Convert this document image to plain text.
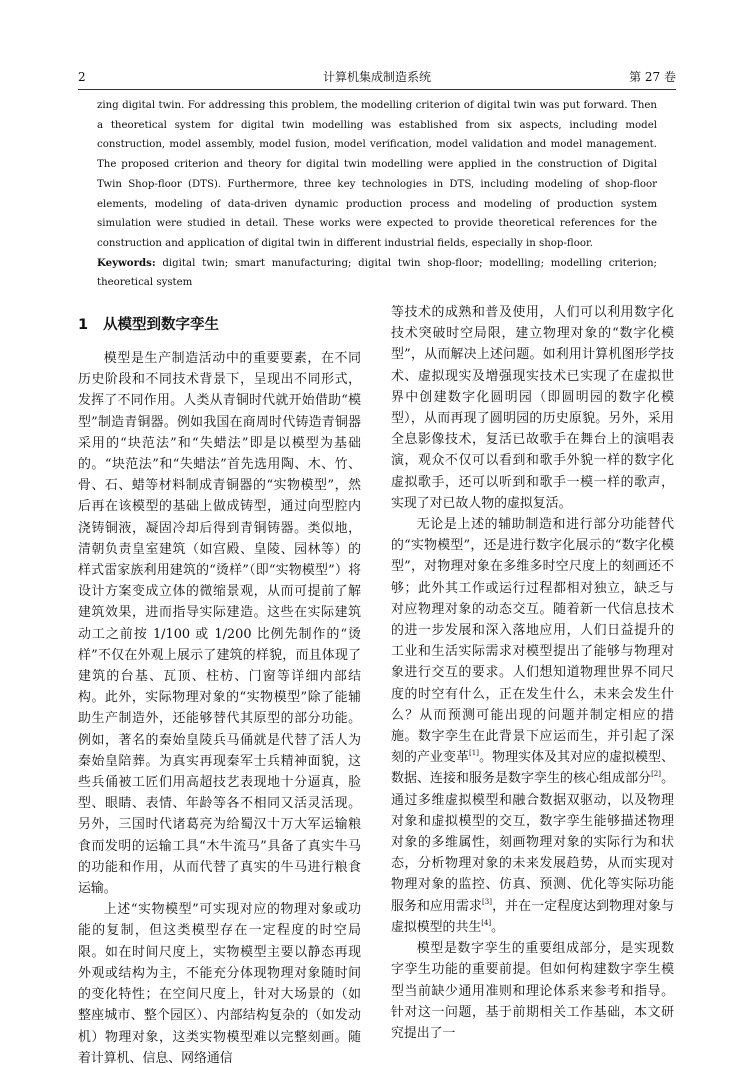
2	计算机集成制造系统	第 27 卷

zing digital twin. For addressing this problem, the modelling criterion of digital twin was put forward. Then a theoretical system for digital twin modelling was established from six aspects, including model construction, model assembly, model fusion, model verification, model validation and model management. The proposed criterion and theory for digital twin modelling were applied in the construction of Digital Twin Shop-floor (DTS). Furthermore, three key technologies in DTS, including modeling of shop-floor elements, modeling of data-driven dynamic production process and modeling of production system simulation were studied in detail. These works were expected to provide theoretical references for the construction and application of digital twin in different industrial fields, especially in shop-floor.

Keywords: digital twin; smart manufacturing; digital twin shop-floor; modelling; modelling criterion; theoretical system

1 从模型到数字孪生

模型是生产制造活动中的重要要素，在不同历史阶段和不同技术背景下，呈现出不同形式，发挥了不同作用。人类从青铜时代就开始借助“模型”制造青铜器。例如我国在商周时代铸造青铜器采用的“块范法”和“失蜡法”即是以模型为基础的。“块范法”和“失蜡法”首先选用陶、木、竹、骨、石、蜡等材料制成青铜器的“实物模型”，然后再在该模型的基础上做成铸型，通过向型腔内浇铸铜液，凝固冷却后得到青铜铸器。类似地，清朝负责皇室建筑（如宫殿、皇陵、园林等）的样式雷家族利用建筑的“烫样”（即“实物模型”）将设计方案变成立体的微缩景观，从而可提前了解建筑效果，进而指导实际建造。这些在实际建筑动工之前按 1/100 或 1/200 比例先制作的“烫样”不仅在外观上展示了建筑的样貌，而且体现了建筑的台基、瓦顶、柱枋、门窗等详细内部结构。此外，实际物理对象的“实物模型”除了能辅助生产制造外，还能够替代其原型的部分功能。例如，著名的秦始皇陵兵马俑就是代替了活人为秦始皇陪葬。为真实再现秦军士兵精神面貌，这些兵俑被工匠们用高超技艺表现地十分逼真，脸型、眼睛、表情、年龄等各不相同又活灵活现。另外，三国时代诸葛亮为给蜀汉十万大军运输粮食而发明的运输工具“木牛流马”具备了真实牛马的功能和作用，从而代替了真实的牛马进行粮食运输。

上述“实物模型”可实现对应的物理对象或功能的复制，但这类模型存在一定程度的时空局限。如在时间尺度上，实物模型主要以静态再现外观或结构为主，不能充分体现物理对象随时间的变化特性；在空间尺度上，针对大场景的（如整座城市、整个园区）、内部结构复杂的（如发动机）物理对象，这类实物模型难以完整刻画。随着计算机、信息、网络通信

等技术的成熟和普及使用，人们可以利用数字化技术突破时空局限，建立物理对象的“数字化模型”，从而解决上述问题。如利用计算机图形学技术、虚拟现实及增强现实技术已实现了在虚拟世界中创建数字化圆明园（即圆明园的数字化模型），从而再现了圆明园的历史原貌。另外，采用全息影像技术，复活已故歌手在舞台上的演唱表演，观众不仅可以看到和歌手外貌一样的数字化虚拟歌手，还可以听到和歌手一模一样的歌声，实现了对已故人物的虚拟复活。

无论是上述的辅助制造和进行部分功能替代的“实物模型”，还是进行数字化展示的“数字化模型”，对物理对象在多维多时空尺度上的刻画还不够；此外其工作或运行过程都相对独立，缺乏与对应物理对象的动态交互。随着新一代信息技术的进一步发展和深入落地应用，人们日益提升的工业和生活实际需求对模型提出了能够与物理对象进行交互的要求。人们想知道物理世界不同尺度的时空有什么，正在发生什么，未来会发生什么？从而预测可能出现的问题并制定相应的措施。数字孪生在此背景下应运而生，并引起了深刻的产业变革[1]。物理实体及其对应的虚拟模型、数据、连接和服务是数字孪生的核心组成部分[2]。通过多维虚拟模型和融合数据双驱动，以及物理对象和虚拟模型的交互，数字孪生能够描述物理对象的多维属性，刻画物理对象的实际行为和状态，分析物理对象的未来发展趋势，从而实现对物理对象的监控、仿真、预测、优化等实际功能服务和应用需求[3]，并在一定程度达到物理对象与虚拟模型的共生[4]。

模型是数字孪生的重要组成部分，是实现数字孪生功能的重要前提。但如何构建数字孪生模型当前缺少通用准则和理论体系来参考和指导。针对这一问题，基于前期相关工作基础，本文研究提出了一
